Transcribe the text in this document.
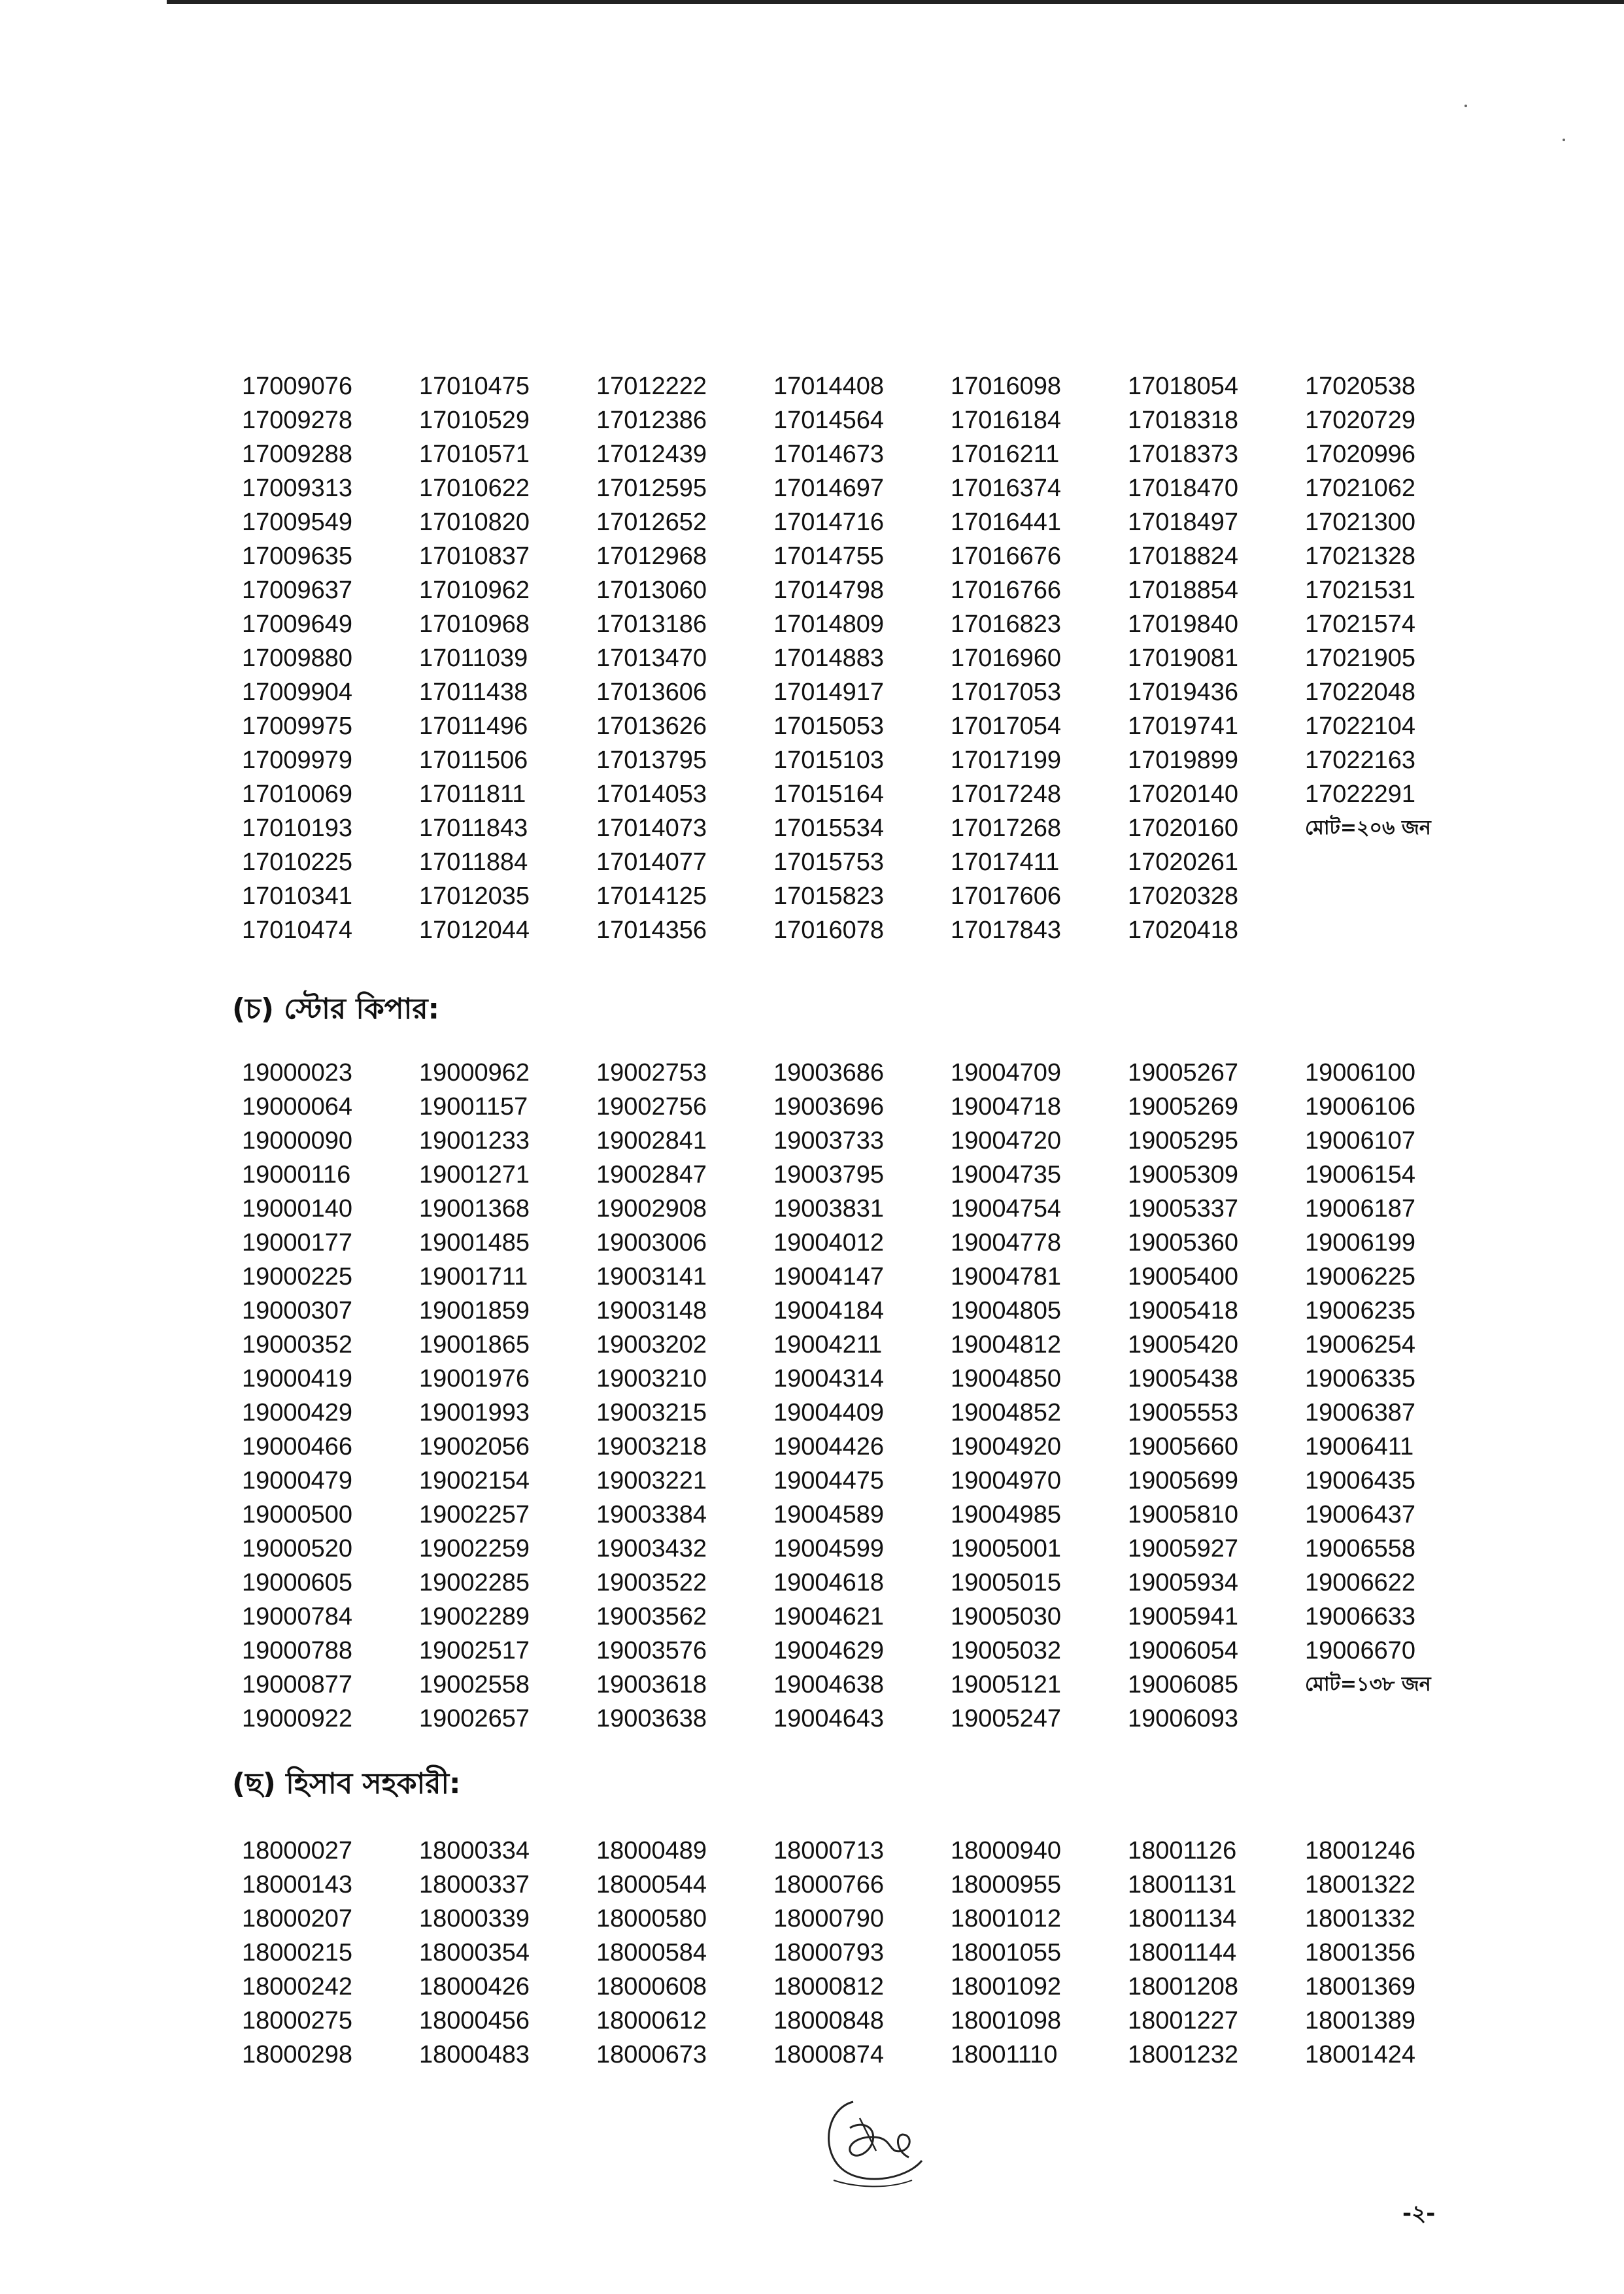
17009076	17010475	17012222	17014408	17016098	17018054	17020538
17009278	17010529	17012386	17014564	17016184	17018318	17020729
17009288	17010571	17012439	17014673	17016211	17018373	17020996
17009313	17010622	17012595	17014697	17016374	17018470	17021062
17009549	17010820	17012652	17014716	17016441	17018497	17021300
17009635	17010837	17012968	17014755	17016676	17018824	17021328
17009637	17010962	17013060	17014798	17016766	17018854	17021531
17009649	17010968	17013186	17014809	17016823	17019840	17021574
17009880	17011039	17013470	17014883	17016960	17019081	17021905
17009904	17011438	17013606	17014917	17017053	17019436	17022048
17009975	17011496	17013626	17015053	17017054	17019741	17022104
17009979	17011506	17013795	17015103	17017199	17019899	17022163
17010069	17011811	17014053	17015164	17017248	17020140	17022291
17010193	17011843	17014073	17015534	17017268	17020160	মোট=২০৬ জন
17010225	17011884	17014077	17015753	17017411	17020261
17010341	17012035	17014125	17015823	17017606	17020328
17010474	17012044	17014356	17016078	17017843	17020418
(চ) স্টোর কিপার:
19000023	19000962	19002753	19003686	19004709	19005267	19006100
19000064	19001157	19002756	19003696	19004718	19005269	19006106
19000090	19001233	19002841	19003733	19004720	19005295	19006107
19000116	19001271	19002847	19003795	19004735	19005309	19006154
19000140	19001368	19002908	19003831	19004754	19005337	19006187
19000177	19001485	19003006	19004012	19004778	19005360	19006199
19000225	19001711	19003141	19004147	19004781	19005400	19006225
19000307	19001859	19003148	19004184	19004805	19005418	19006235
19000352	19001865	19003202	19004211	19004812	19005420	19006254
19000419	19001976	19003210	19004314	19004850	19005438	19006335
19000429	19001993	19003215	19004409	19004852	19005553	19006387
19000466	19002056	19003218	19004426	19004920	19005660	19006411
19000479	19002154	19003221	19004475	19004970	19005699	19006435
19000500	19002257	19003384	19004589	19004985	19005810	19006437
19000520	19002259	19003432	19004599	19005001	19005927	19006558
19000605	19002285	19003522	19004618	19005015	19005934	19006622
19000784	19002289	19003562	19004621	19005030	19005941	19006633
19000788	19002517	19003576	19004629	19005032	19006054	19006670
19000877	19002558	19003618	19004638	19005121	19006085	মোট=১৩৮ জন
19000922	19002657	19003638	19004643	19005247	19006093
(ছ) হিসাব সহকারী:
18000027	18000334	18000489	18000713	18000940	18001126	18001246
18000143	18000337	18000544	18000766	18000955	18001131	18001322
18000207	18000339	18000580	18000790	18001012	18001134	18001332
18000215	18000354	18000584	18000793	18001055	18001144	18001356
18000242	18000426	18000608	18000812	18001092	18001208	18001369
18000275	18000456	18000612	18000848	18001098	18001227	18001389
18000298	18000483	18000673	18000874	18001110	18001232	18001424
-২-
